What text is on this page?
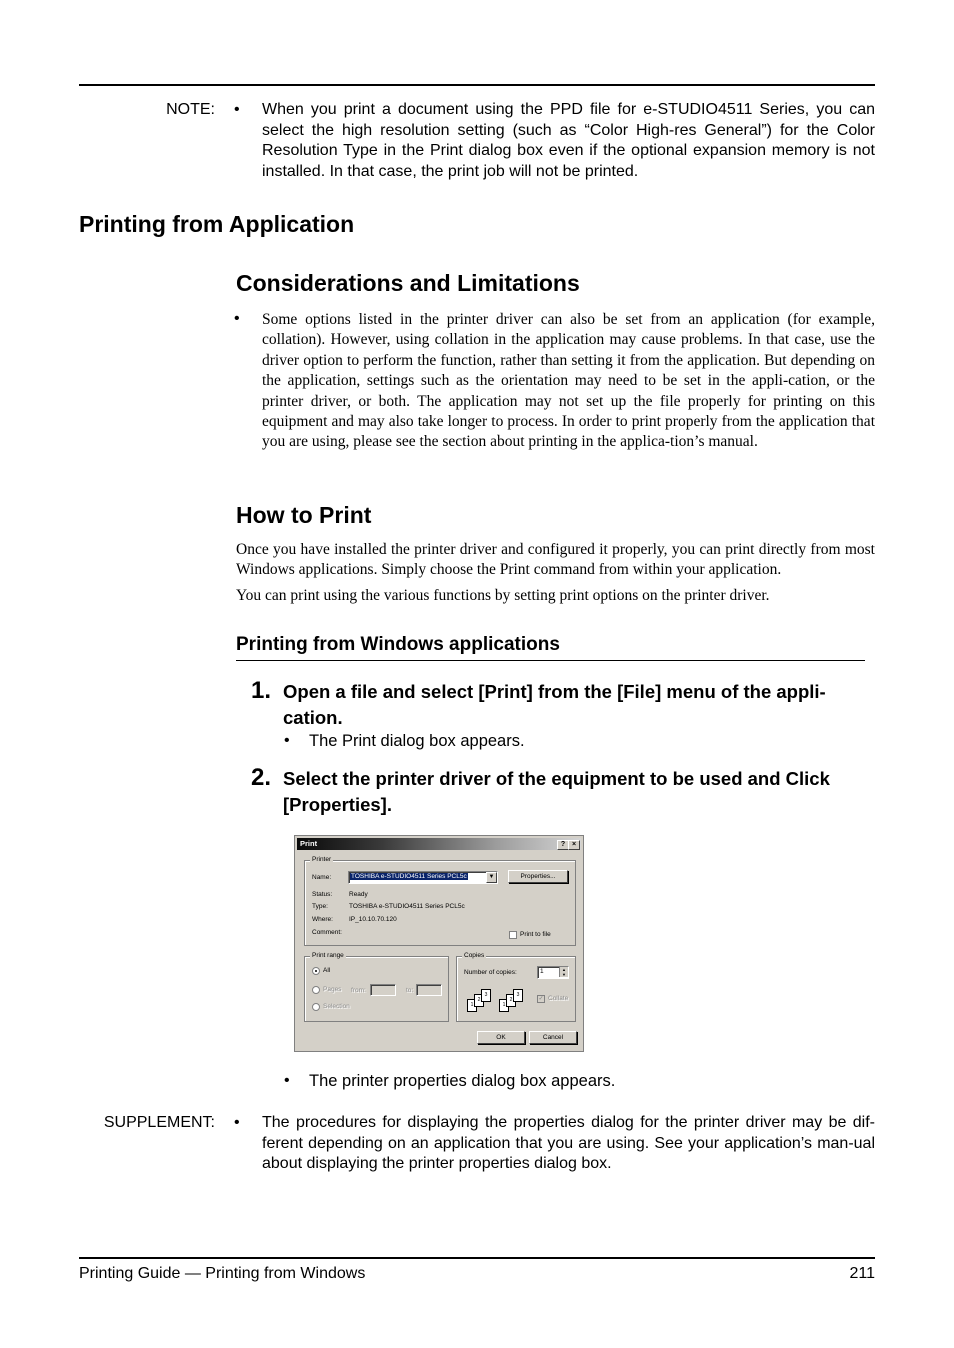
NOTE: • When you print a document using the PPD file for e-STUDIO4511 Series, you can select the high resolution setting (such as “Color High-res General”) for the Color Resolution Type in the Print dialog box even if the optional expansion memory is not installed. In that case, the print job will not be printed.
Printing from Application
Considerations and Limitations
• Some options listed in the printer driver can also be set from an application (for example, collation). However, using collation in the application may cause problems. In that case, use the driver option to perform the function, rather than setting it from the application. But depending on the application, settings such as the orientation may need to be set in the appli-cation, or the printer driver, or both. The application may not set up the file properly for printing on this equipment and may also take longer to process. In order to print properly from the application that you are using, please see the section about printing in the applica-tion’s manual.
How to Print
Once you have installed the printer driver and configured it properly, you can print directly from most Windows applications. Simply choose the Print command from within your application.
You can print using the various functions by setting print options on the printer driver.
Printing from Windows applications
1. Open a file and select [Print] from the [File] menu of the appli-cation.
• The Print dialog box appears.
2. Select the printer driver of the equipment to be used and Click [Properties].
Print	? ×
Printer
Name:	TOSHIBA e-STUDIO4511 Series PCL5c	▼	Properties...
Status:	Ready
Type:	TOSHIBA e-STUDIO4511 Series PCL5c
Where: IP_10.10.70.120
Comment:	Print to file
Print range
All
Pages from:	to:
Selection
Copies
Number of copies:	1	▲
▼
1
2
3
1
2
3
✓ Collate
OK	Cancel
• The printer properties dialog box appears.
SUPPLEMENT: • The procedures for displaying the properties dialog for the printer driver may be dif-ferent depending on an application that you are using. See your application’s man-ual about displaying the printer properties dialog box.
Printing Guide — Printing from Windows	211
